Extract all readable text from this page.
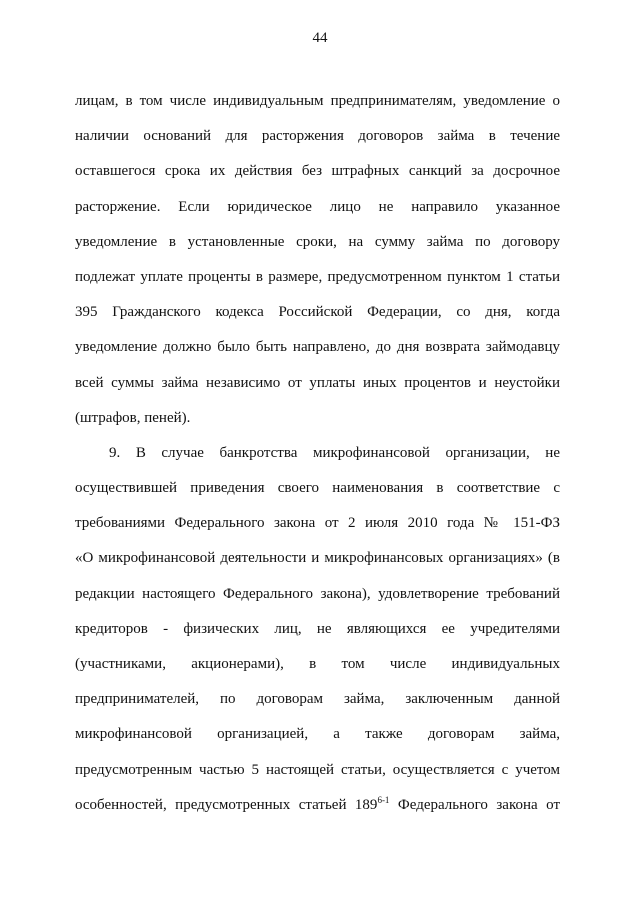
44
лицам, в том числе индивидуальным предпринимателям, уведомление о
наличии оснований для расторжения договоров займа в течение
оставшегося срока их действия без штрафных санкций за досрочное
расторжение. Если юридическое лицо не направило указанное
уведомление в установленные сроки, на сумму займа по договору
подлежат уплате проценты в размере, предусмотренном пунктом 1 статьи
395 Гражданского кодекса Российской Федерации, со дня, когда
уведомление должно было быть направлено, до дня возврата займодавцу
всей суммы займа независимо от уплаты иных процентов и неустойки
(штрафов, пеней).
9. В случае банкротства микрофинансовой организации, не
осуществившей приведения своего наименования в соответствие с
требованиями Федерального закона от 2 июля 2010 года № 151-ФЗ
«О микрофинансовой деятельности и микрофинансовых организациях» (в
редакции настоящего Федерального закона), удовлетворение требований
кредиторов - физических лиц, не являющихся ее учредителями
(участниками, акционерами), в том числе индивидуальных
предпринимателей, по договорам займа, заключенным данной
микрофинансовой организацией, а также договорам займа,
предусмотренным частью 5 настоящей статьи, осуществляется с учетом
особенностей, предусмотренных статьей 189$^{6-1}$ Федерального закона от
